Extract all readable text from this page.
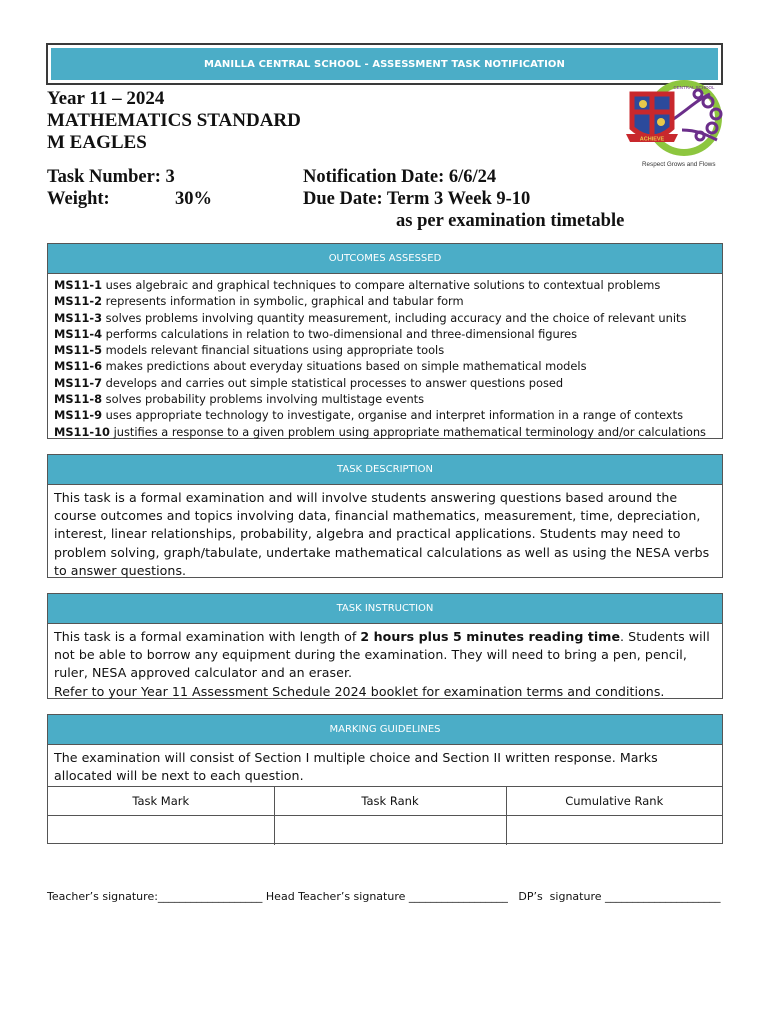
MANILLA CENTRAL SCHOOL - ASSESSMENT TASK NOTIFICATION
Year 11 – 2024
MATHEMATICS STANDARD
M EAGLES
Task Number: 3
Weight:	30%
Notification Date: 6/6/24
Due Date: Term 3 Week 9-10
as per examination timetable
ACHIEVE
CENTRAL SCHOOL
Respect Grows and Flows
OUTCOMES ASSESSED
MS11-1 uses algebraic and graphical techniques to compare alternative solutions to contextual problems
MS11-2 represents information in symbolic, graphical and tabular form
MS11-3 solves problems involving quantity measurement, including accuracy and the choice of relevant units
MS11-4 performs calculations in relation to two-dimensional and three-dimensional figures
MS11-5 models relevant financial situations using appropriate tools
MS11-6 makes predictions about everyday situations based on simple mathematical models
MS11-7 develops and carries out simple statistical processes to answer questions posed
MS11-8 solves probability problems involving multistage events
MS11-9 uses appropriate technology to investigate, organise and interpret information in a range of contexts
MS11-10 justifies a response to a given problem using appropriate mathematical terminology and/or calculations
TASK DESCRIPTION
This task is a formal examination and will involve students answering questions based around the course outcomes and topics involving data, financial mathematics, measurement, time, depreciation, interest, linear relationships, probability, algebra and practical applications. Students may need to problem solving, graph/tabulate, undertake mathematical calculations as well as using the NESA verbs to answer questions.
TASK INSTRUCTION
This task is a formal examination with length of 2 hours plus 5 minutes reading time. Students will not be able to borrow any equipment during the examination. They will need to bring a pen, pencil, ruler, NESA approved calculator and an eraser.
Refer to your Year 11 Assessment Schedule 2024 booklet for examination terms and conditions.
MARKING GUIDELINES
The examination will consist of Section I multiple choice and Section II written response. Marks allocated will be next to each question.
Task Mark	Task Rank	Cumulative Rank

Teacher’s signature:___________________ Head Teacher’s signature __________________   DP’s  signature _____________________
